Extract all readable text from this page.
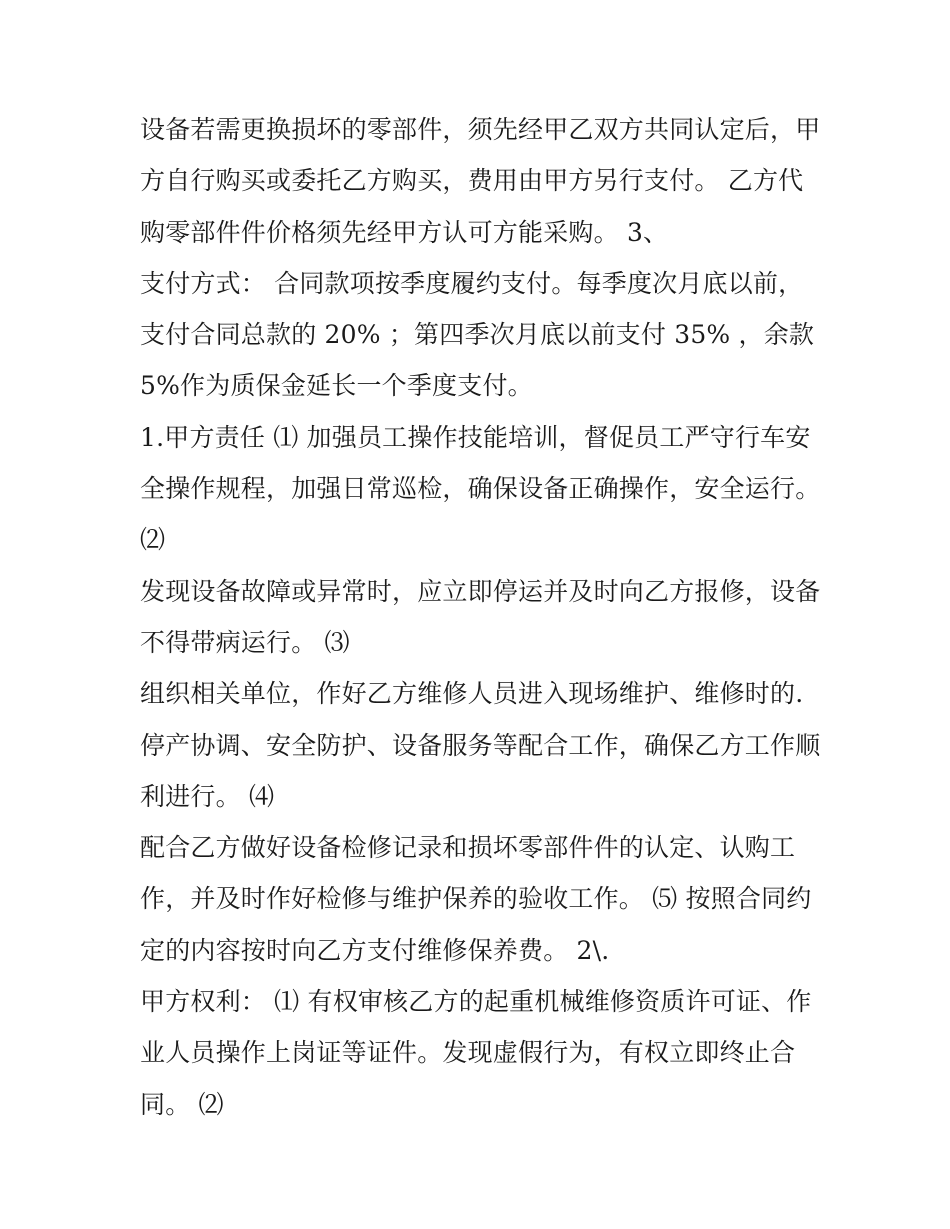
设备若需更换损坏的零部件，须先经甲乙双方共同认定后，甲
方自行购买或委托乙方购买，费用由甲方另行支付。 乙方代
购零部件件价格须先经甲方认可方能采购。 3、
支付方式： 合同款项按季度履约支付。每季度次月底以前，
支付合同总款的 20% ；第四季次月底以前支付 35% ，余款
5%作为质保金延长一个季度支付。
1.甲方责任 ⑴ 加强员工操作技能培训，督促员工严守行车安
全操作规程，加强日常巡检，确保设备正确操作，安全运行。
⑵
发现设备故障或异常时，应立即停运并及时向乙方报修，设备
不得带病运行。 ⑶
组织相关单位，作好乙方维修人员进入现场维护、维修时的.
停产协调、安全防护、设备服务等配合工作，确保乙方工作顺
利进行。 ⑷
配合乙方做好设备检修记录和损坏零部件件的认定、认购工
作，并及时作好检修与维护保养的验收工作。 ⑸ 按照合同约
定的内容按时向乙方支付维修保养费。 2\.
甲方权利： ⑴ 有权审核乙方的起重机械维修资质许可证、作
业人员操作上岗证等证件。发现虚假行为，有权立即终止合
同。 ⑵
